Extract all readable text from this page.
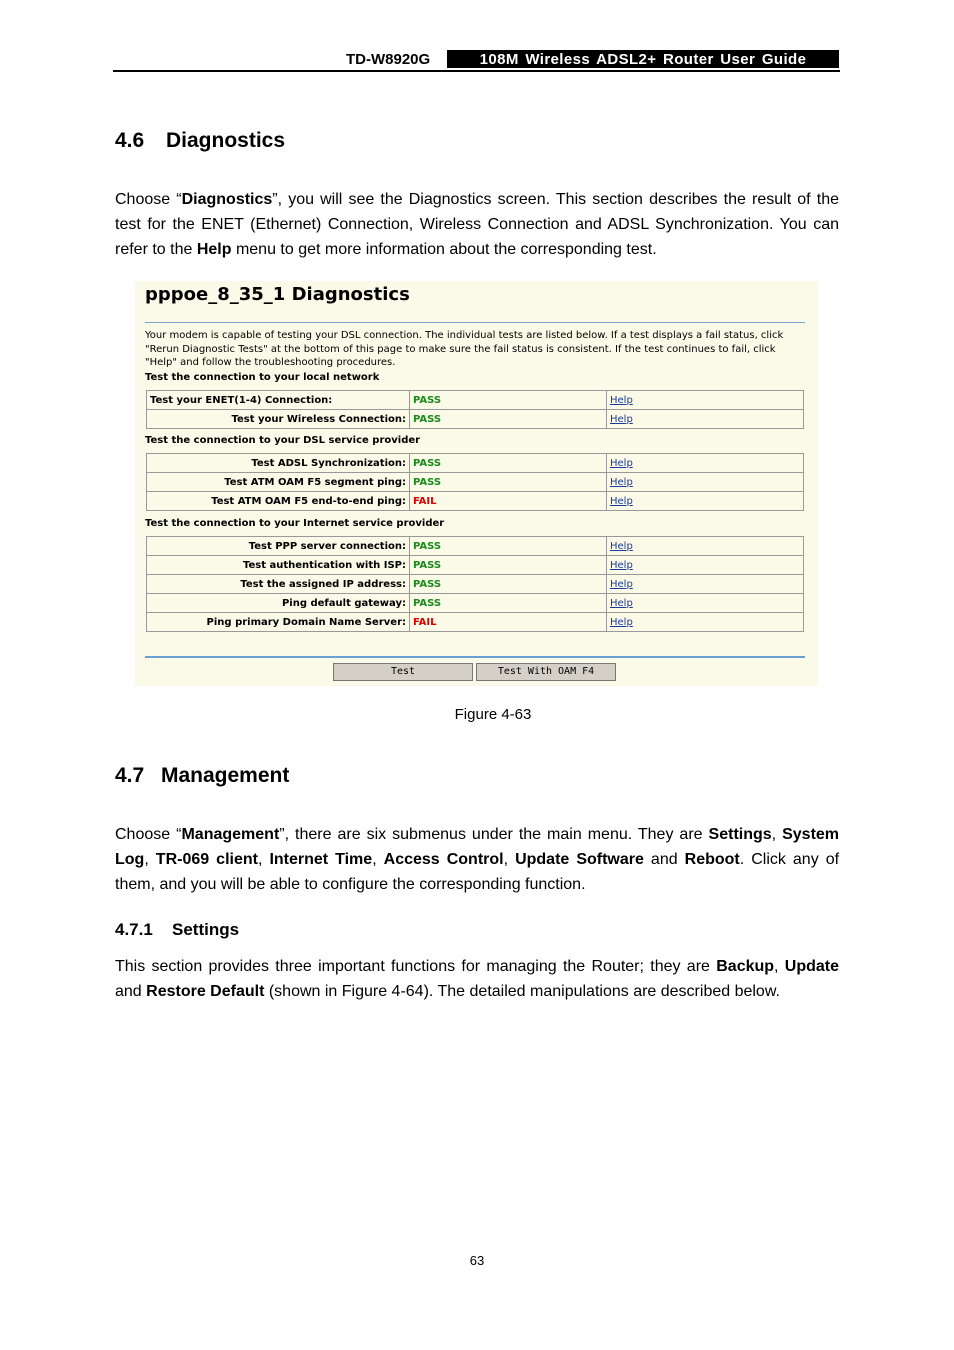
TD-W8920G	108M Wireless ADSL2+ Router User Guide
4.6 Diagnostics

Choose “Diagnostics”, you will see the Diagnostics screen. This section describes the result of the test for the ENET (Ethernet) Connection, Wireless Connection and ADSL Synchronization. You can refer to the Help menu to get more information about the corresponding test.

pppoe_8_35_1 Diagnostics
Your modem is capable of testing your DSL connection. The individual tests are listed below. If a test displays a fail status, click "Rerun Diagnostic Tests" at the bottom of this page to make sure the fail status is consistent. If the test continues to fail, click "Help" and follow the troubleshooting procedures.
Test the connection to your local network
Test your ENET(1-4) Connection:	PASS	Help
Test your Wireless Connection:	PASS	Help
Test the connection to your DSL service provider
Test ADSL Synchronization:	PASS	Help
Test ATM OAM F5 segment ping:	PASS	Help
Test ATM OAM F5 end-to-end ping:	FAIL	Help
Test the connection to your Internet service provider
Test PPP server connection:	PASS	Help
Test authentication with ISP:	PASS	Help
Test the assigned IP address:	PASS	Help
Ping default gateway:	PASS	Help
Ping primary Domain Name Server:	FAIL	Help
Test	Test With OAM F4
Figure 4-63
4.7 Management

Choose “Management”, there are six submenus under the main menu. They are Settings, System Log, TR-069 client, Internet Time, Access Control, Update Software and Reboot. Click any of them, and you will be able to configure the corresponding function.

4.7.1 Settings

This section provides three important functions for managing the Router; they are Backup, Update and Restore Default (shown in Figure 4-64). The detailed manipulations are described below.

63
